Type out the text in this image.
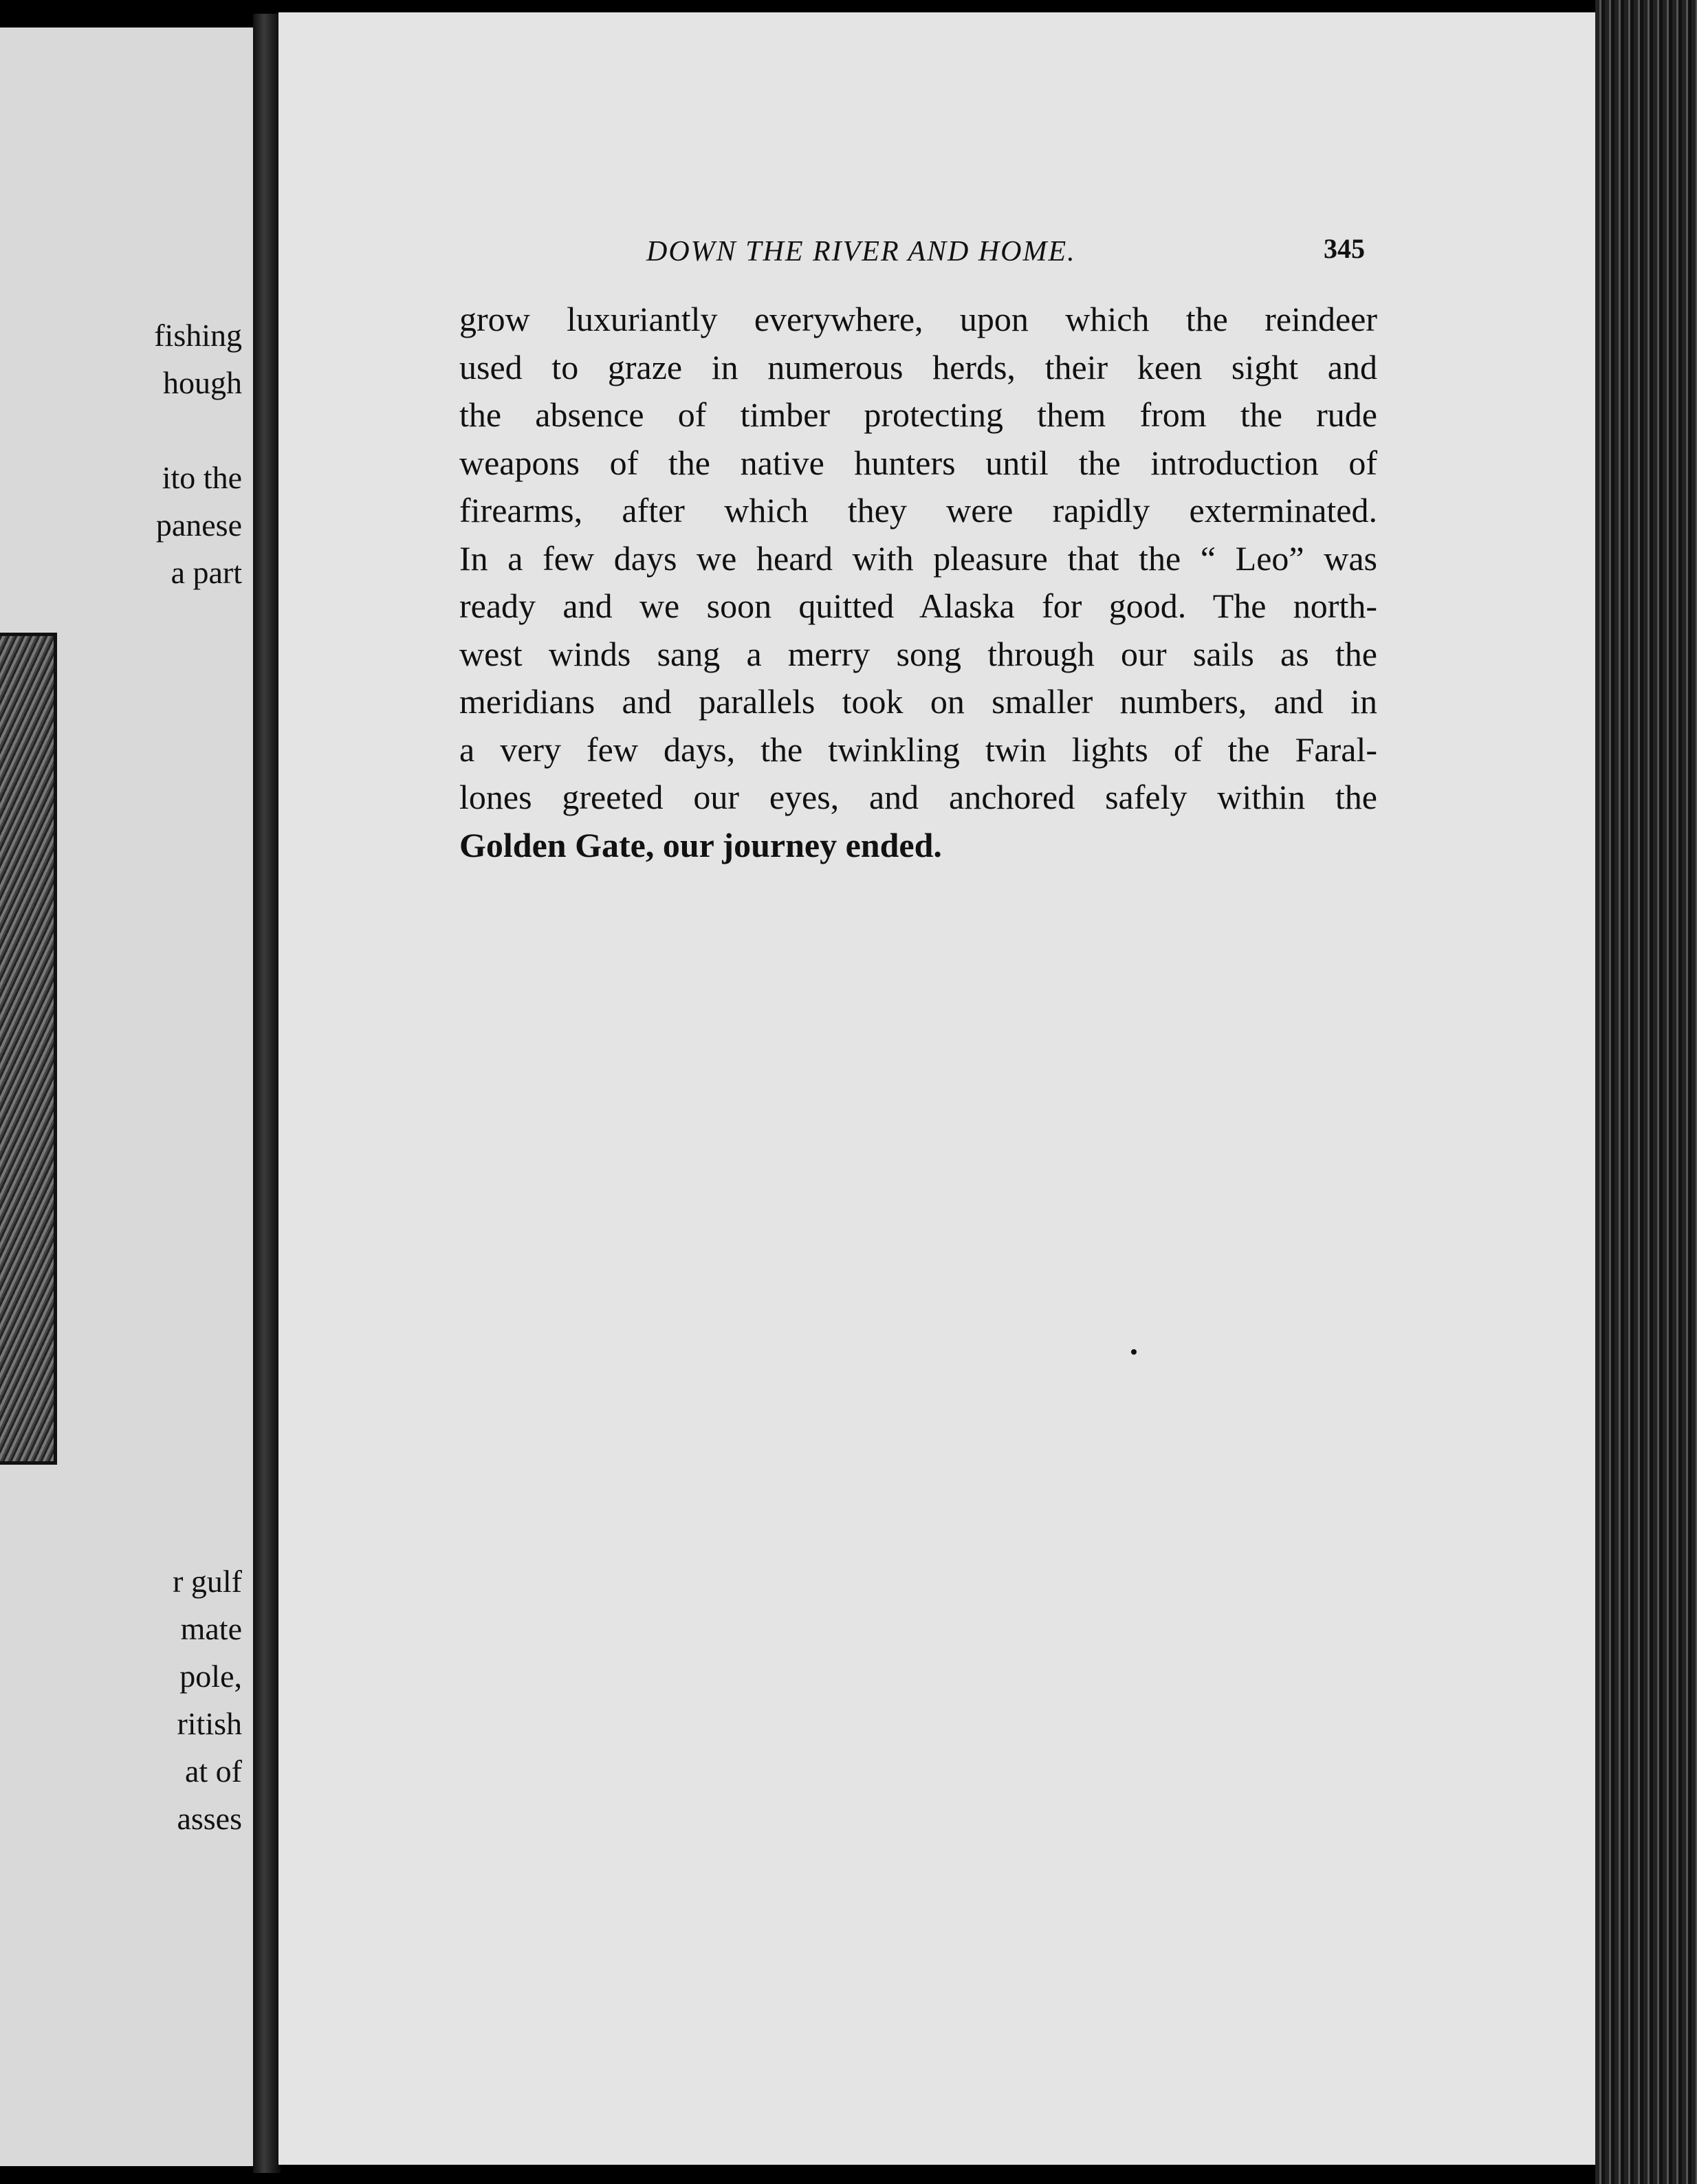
fishing
hough
ito the
panese
a part
r gulf
mate
pole,
ritish
at of
asses
DOWN THE RIVER AND HOME.	345
grow luxuriantly everywhere, upon which the reindeer
used to graze in numerous herds, their keen sight and
the absence of timber protecting them from the rude
weapons of the native hunters until the introduction of
firearms, after which they were rapidly exterminated.
In a few days we heard with pleasure that the “ Leo” was
ready and we soon quitted Alaska for good. The north-
west winds sang a merry song through our sails as the
meridians and parallels took on smaller numbers, and in
a very few days, the twinkling twin lights of the Faral-
lones greeted our eyes, and anchored safely within the
Golden Gate, our journey ended.
